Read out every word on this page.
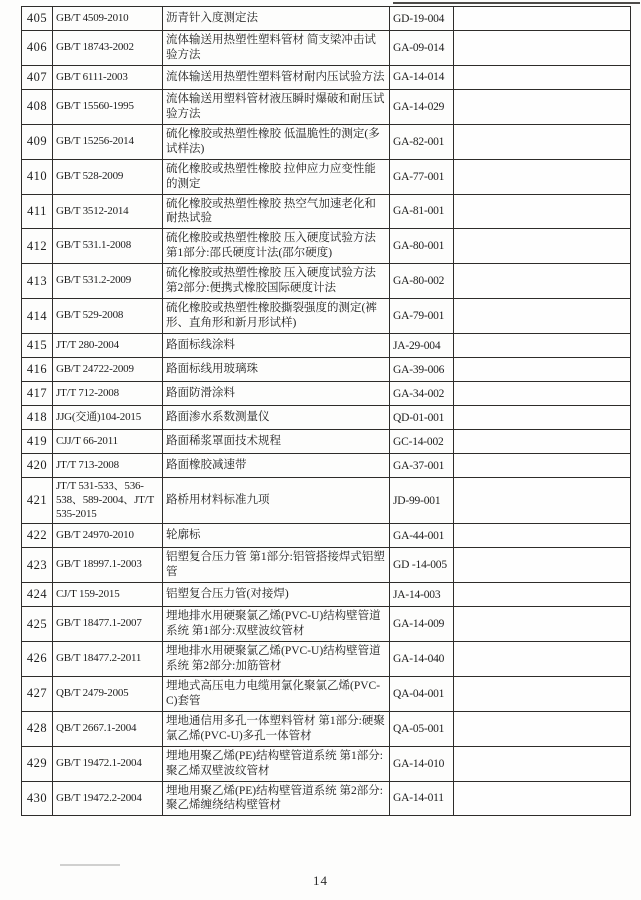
405	GB/T 4509-2010	沥青针入度测定法	GD-19-004	
406	GB/T 18743-2002	流体输送用热塑性塑料管材 简支梁冲击试验方法	GA-09-014	
407	GB/T 6111-2003	流体输送用热塑性塑料管材耐内压试验方法	GA-14-014	
408	GB/T 15560-1995	流体输送用塑料管材液压瞬时爆破和耐压试验方法	GA-14-029	
409	GB/T 15256-2014	硫化橡胶或热塑性橡胶 低温脆性的测定(多试样法)	GA-82-001	
410	GB/T 528-2009	硫化橡胶或热塑性橡胶 拉伸应力应变性能的测定	GA-77-001	
411	GB/T 3512-2014	硫化橡胶或热塑性橡胶 热空气加速老化和耐热试验	GA-81-001	
412	GB/T 531.1-2008	硫化橡胶或热塑性橡胶 压入硬度试验方法 第1部分:邵氏硬度计法(邵尔硬度)	GA-80-001	
413	GB/T 531.2-2009	硫化橡胶或热塑性橡胶 压入硬度试验方法 第2部分:便携式橡胶国际硬度计法	GA-80-002	
414	GB/T 529-2008	硫化橡胶或热塑性橡胶撕裂强度的测定(裤形、直角形和新月形试样)	GA-79-001	
415	JT/T 280-2004	路面标线涂料	JA-29-004	
416	GB/T 24722-2009	路面标线用玻璃珠	GA-39-006	
417	JT/T 712-2008	路面防滑涂料	GA-34-002	
418	JJG(交通)104-2015	路面渗水系数测量仪	QD-01-001	
419	CJJ/T 66-2011	路面稀浆罩面技术规程	GC-14-002	
420	JT/T 713-2008	路面橡胶减速带	GA-37-001	
421	JT/T 531-533、536-538、589-2004、JT/T 535-2015	路桥用材料标准九项	JD-99-001	
422	GB/T 24970-2010	轮廓标	GA-44-001	
423	GB/T 18997.1-2003	铝塑复合压力管 第1部分:铝管搭接焊式铝塑管	GD -14-005	
424	CJ/T 159-2015	铝塑复合压力管(对接焊)	JA-14-003	
425	GB/T 18477.1-2007	埋地排水用硬聚氯乙烯(PVC-U)结构壁管道系统 第1部分:双壁波纹管材	GA-14-009	
426	GB/T 18477.2-2011	埋地排水用硬聚氯乙烯(PVC-U)结构壁管道系统 第2部分:加筋管材	GA-14-040	
427	QB/T 2479-2005	埋地式高压电力电缆用氯化聚氯乙烯(PVC-C)套管	QA-04-001	
428	QB/T 2667.1-2004	埋地通信用多孔一体塑料管材 第1部分:硬聚氯乙烯(PVC-U)多孔一体管材	QA-05-001	
429	GB/T 19472.1-2004	埋地用聚乙烯(PE)结构壁管道系统 第1部分:聚乙烯双壁波纹管材	GA-14-010	
430	GB/T 19472.2-2004	埋地用聚乙烯(PE)结构壁管道系统 第2部分:聚乙烯缠绕结构壁管材	GA-14-011	
14
